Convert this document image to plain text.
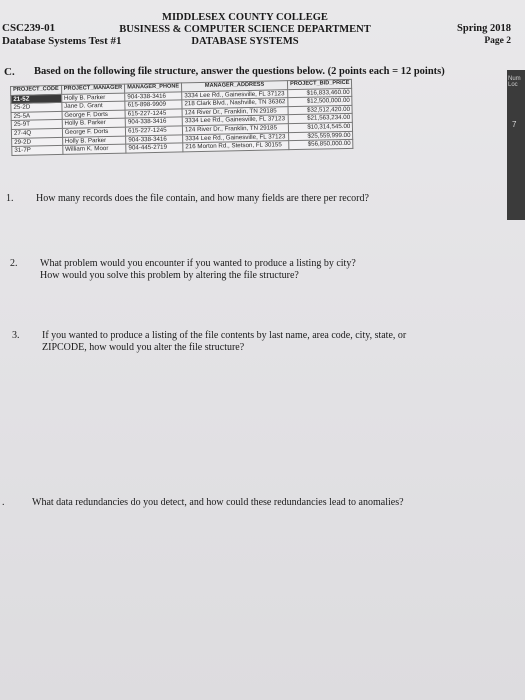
Num Loc
7
CSC239-01
Database Systems Test #1
MIDDLESEX COUNTY COLLEGE
BUSINESS & COMPUTER SCIENCE DEPARTMENT
DATABASE SYSTEMS
Spring 2018
Page 2
C. Based on the following file structure, answer the questions below. (2 points each = 12 points)
PROJECT_CODE	PROJECT_MANAGER	MANAGER_PHONE	MANAGER_ADDRESS	PROJECT_BID_PRICE
21-5Z	Holly B. Parker	904-338-3416	3334 Lee Rd., Gainesville, FL 37123	$16,833,460.00
25-2D	Jane D. Grant	615-898-9909	218 Clark Blvd., Nashville, TN 36362	$12,500,000.00
25-5A	George F. Dorts	615-227-1245	124 River Dr., Franklin, TN 29185	$32,512,420.00
25-9T	Holly B. Parker	904-338-3416	3334 Lee Rd., Gainesville, FL 37123	$21,563,234.00
27-4Q	George F. Dorts	615-227-1245	124 River Dr., Franklin, TN 29185	$10,314,545.00
29-2D	Holly B. Parker	904-338-3416	3334 Lee Rd., Gainesville, FL 37123	$25,559,999.00
31-7P	William K. Moor	904-445-2719	216 Morton Rd., Stetson, FL 30155	$56,850,000.00
1. How many records does the file contain, and how many fields are there per record?
2. What problem would you encounter if you wanted to produce a listing by city? How would you solve this problem by altering the file structure?
3. If you wanted to produce a listing of the file contents by last name, area code, city, state, or ZIPCODE, how would you alter the file structure?
.	What data redundancies do you detect, and how could these redundancies lead to anomalies?
